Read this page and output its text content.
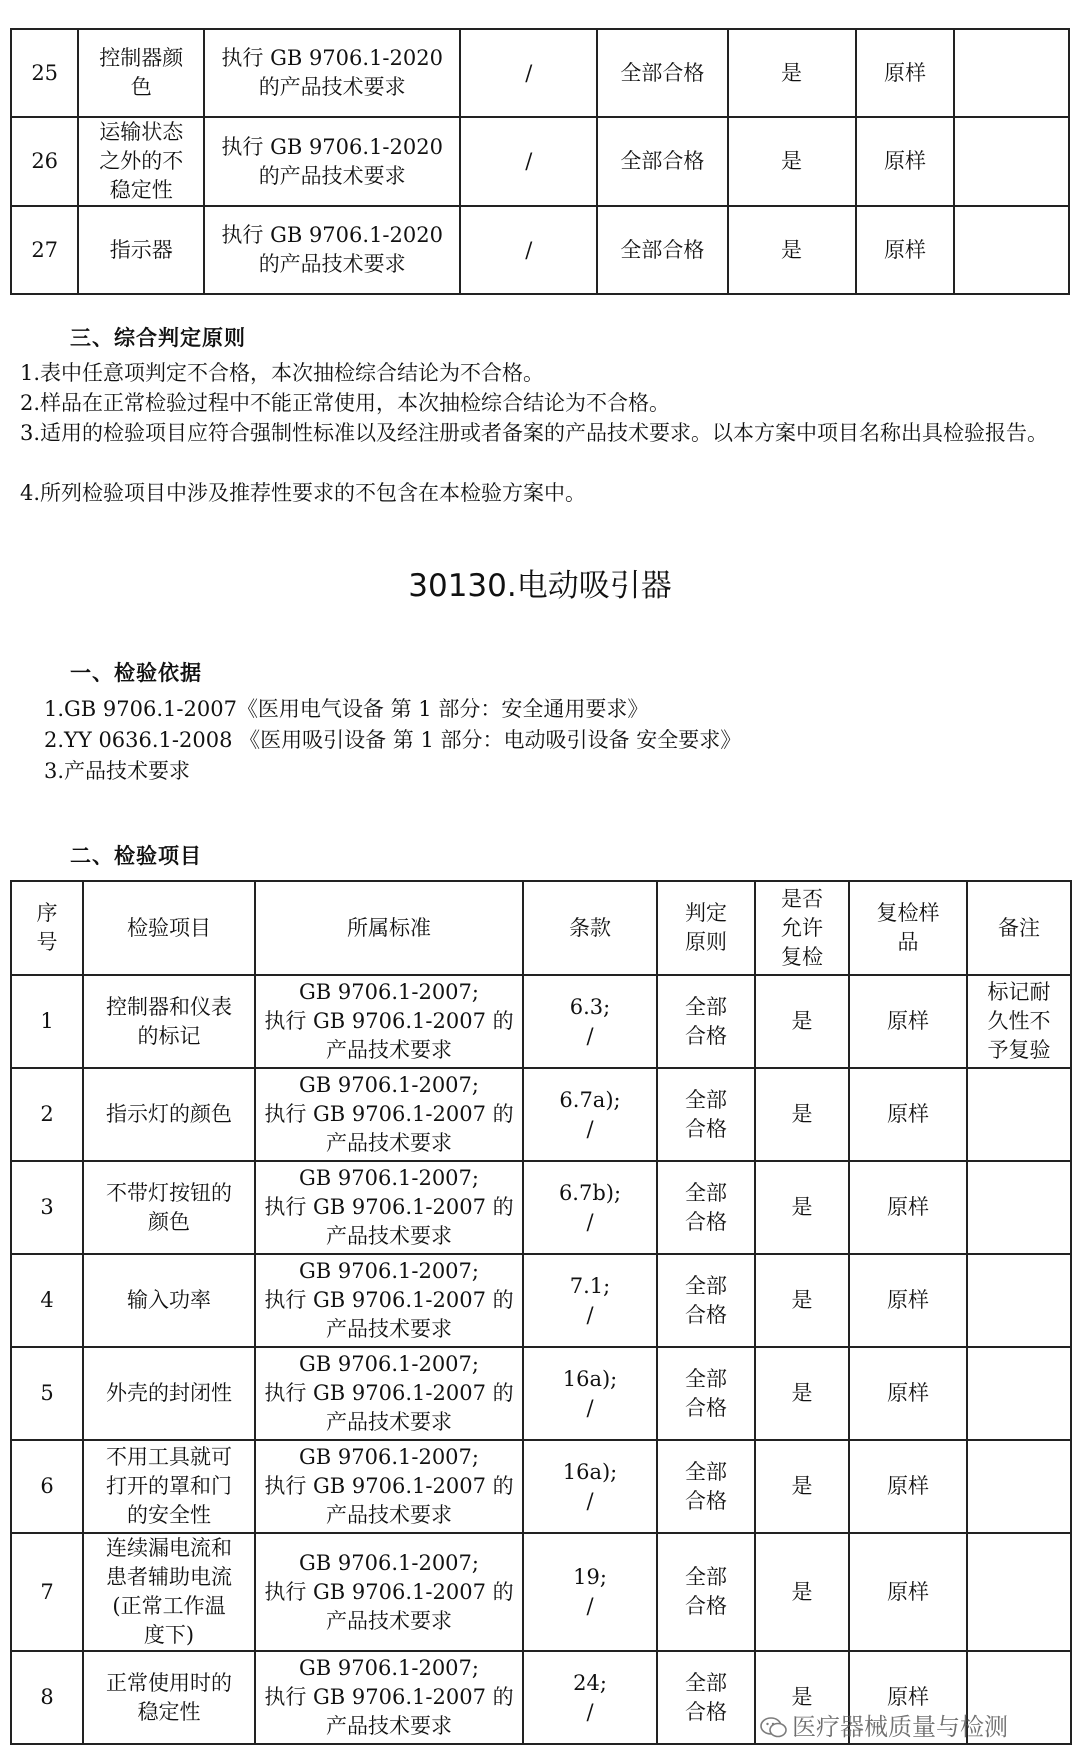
25	控制器颜
色	执行 GB 9706.1-2020
的产品技术要求	/	全部合格	是	原样	
26	运输状态
之外的不
稳定性	执行 GB 9706.1-2020
的产品技术要求	/	全部合格	是	原样	
27	指示器	执行 GB 9706.1-2020
的产品技术要求	/	全部合格	是	原样	
三、综合判定原则
1.表中任意项判定不合格，本次抽检综合结论为不合格。
2.样品在正常检验过程中不能正常使用，本次抽检综合结论为不合格。
3.适用的检验项目应符合强制性标准以及经注册或者备案的产品技术要求。以本方案中项目名称出具检验报告。
4.所列检验项目中涉及推荐性要求的不包含在本检验方案中。
30130.电动吸引器
一、检验依据
1.GB 9706.1-2007《医用电气设备 第 1 部分：安全通用要求》
2.YY 0636.1-2008 《医用吸引设备 第 1 部分：电动吸引设备 安全要求》
3.产品技术要求
二、检验项目
序
号	检验项目	所属标准	条款	判定
原则	是否
允许
复检	复检样
品	备注
1	控制器和仪表
的标记	GB 9706.1-2007;
执行 GB 9706.1-2007 的
产品技术要求	6.3;
/	全部
合格	是	原样	标记耐
久性不
予复验
2	指示灯的颜色	GB 9706.1-2007;
执行 GB 9706.1-2007 的
产品技术要求	6.7a);
/	全部
合格	是	原样	
3	不带灯按钮的
颜色	GB 9706.1-2007;
执行 GB 9706.1-2007 的
产品技术要求	6.7b);
/	全部
合格	是	原样	
4	输入功率	GB 9706.1-2007;
执行 GB 9706.1-2007 的
产品技术要求	7.1;
/	全部
合格	是	原样	
5	外壳的封闭性	GB 9706.1-2007;
执行 GB 9706.1-2007 的
产品技术要求	16a);
/	全部
合格	是	原样	
6	不用工具就可
打开的罩和门
的安全性	GB 9706.1-2007;
执行 GB 9706.1-2007 的
产品技术要求	16a);
/	全部
合格	是	原样	
7	连续漏电流和
患者辅助电流
(正常工作温
度下)	GB 9706.1-2007;
执行 GB 9706.1-2007 的
产品技术要求	19;
/	全部
合格	是	原样	
8	正常使用时的
稳定性	GB 9706.1-2007;
执行 GB 9706.1-2007 的
产品技术要求	24;
/	全部
合格	是	原样	
医疗器械质量与检测
